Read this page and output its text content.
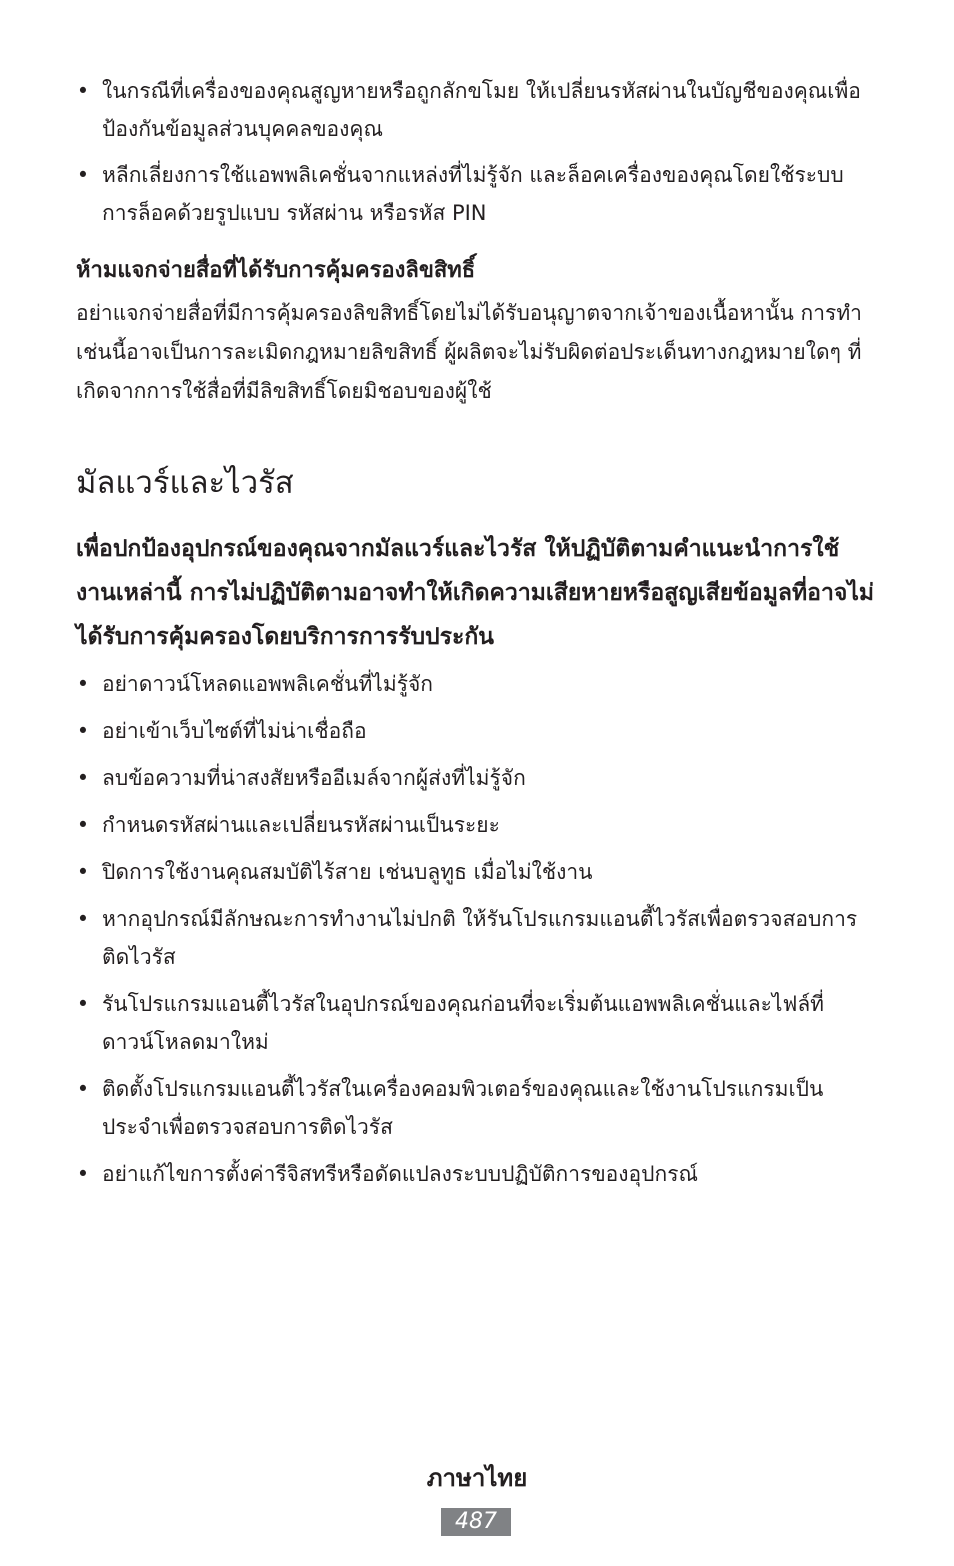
• ในกรณีที่เครื่องของคุณสูญหายหรือถูกลักขโมย ให้เปลี่ยนรหัสผ่านในบัญชีของคุณเพื่อป้องกันข้อมูลส่วนบุคคลของคุณ
• หลีกเลี่ยงการใช้แอพพลิเคชั่นจากแหล่งที่ไม่รู้จัก และล็อคเครื่องของคุณโดยใช้ระบบการล็อคด้วยรูปแบบ รหัสผ่าน หรือรหัส PIN
ห้ามแจกจ่ายสื่อที่ได้รับการคุ้มครองลิขสิทธิ์

อย่าแจกจ่ายสื่อที่มีการคุ้มครองลิขสิทธิ์โดยไม่ได้รับอนุญาตจากเจ้าของเนื้อหานั้น การทำเช่นนี้อาจเป็นการละเมิดกฎหมายลิขสิทธิ์ ผู้ผลิตจะไม่รับผิดต่อประเด็นทางกฎหมายใดๆ ที่เกิดจากการใช้สื่อที่มีลิขสิทธิ์โดยมิชอบของผู้ใช้

มัลแวร์และไวรัส

เพื่อปกป้องอุปกรณ์ของคุณจากมัลแวร์และไวรัส ให้ปฏิบัติตามคำแนะนำการใช้งานเหล่านี้ การไม่ปฏิบัติตามอาจทำให้เกิดความเสียหายหรือสูญเสียข้อมูลที่อาจไม่ได้รับการคุ้มครองโดยบริการการรับประกัน

• อย่าดาวน์โหลดแอพพลิเคชั่นที่ไม่รู้จัก
• อย่าเข้าเว็บไซต์ที่ไม่น่าเชื่อถือ
• ลบข้อความที่น่าสงสัยหรืออีเมล์จากผู้ส่งที่ไม่รู้จัก
• กำหนดรหัสผ่านและเปลี่ยนรหัสผ่านเป็นระยะ
• ปิดการใช้งานคุณสมบัติไร้สาย เช่นบลูทูธ เมื่อไม่ใช้งาน
• หากอุปกรณ์มีลักษณะการทำงานไม่ปกติ ให้รันโปรแกรมแอนตี้ไวรัสเพื่อตรวจสอบการติดไวรัส
• รันโปรแกรมแอนตี้ไวรัสในอุปกรณ์ของคุณก่อนที่จะเริ่มต้นแอพพลิเคชั่นและไฟล์ที่ดาวน์โหลดมาใหม่
• ติดตั้งโปรแกรมแอนตี้ไวรัสในเครื่องคอมพิวเตอร์ของคุณและใช้งานโปรแกรมเป็นประจำเพื่อตรวจสอบการติดไวรัส
• อย่าแก้ไขการตั้งค่ารีจิสทรีหรือดัดแปลงระบบปฏิบัติการของอุปกรณ์
ภาษาไทย
487
